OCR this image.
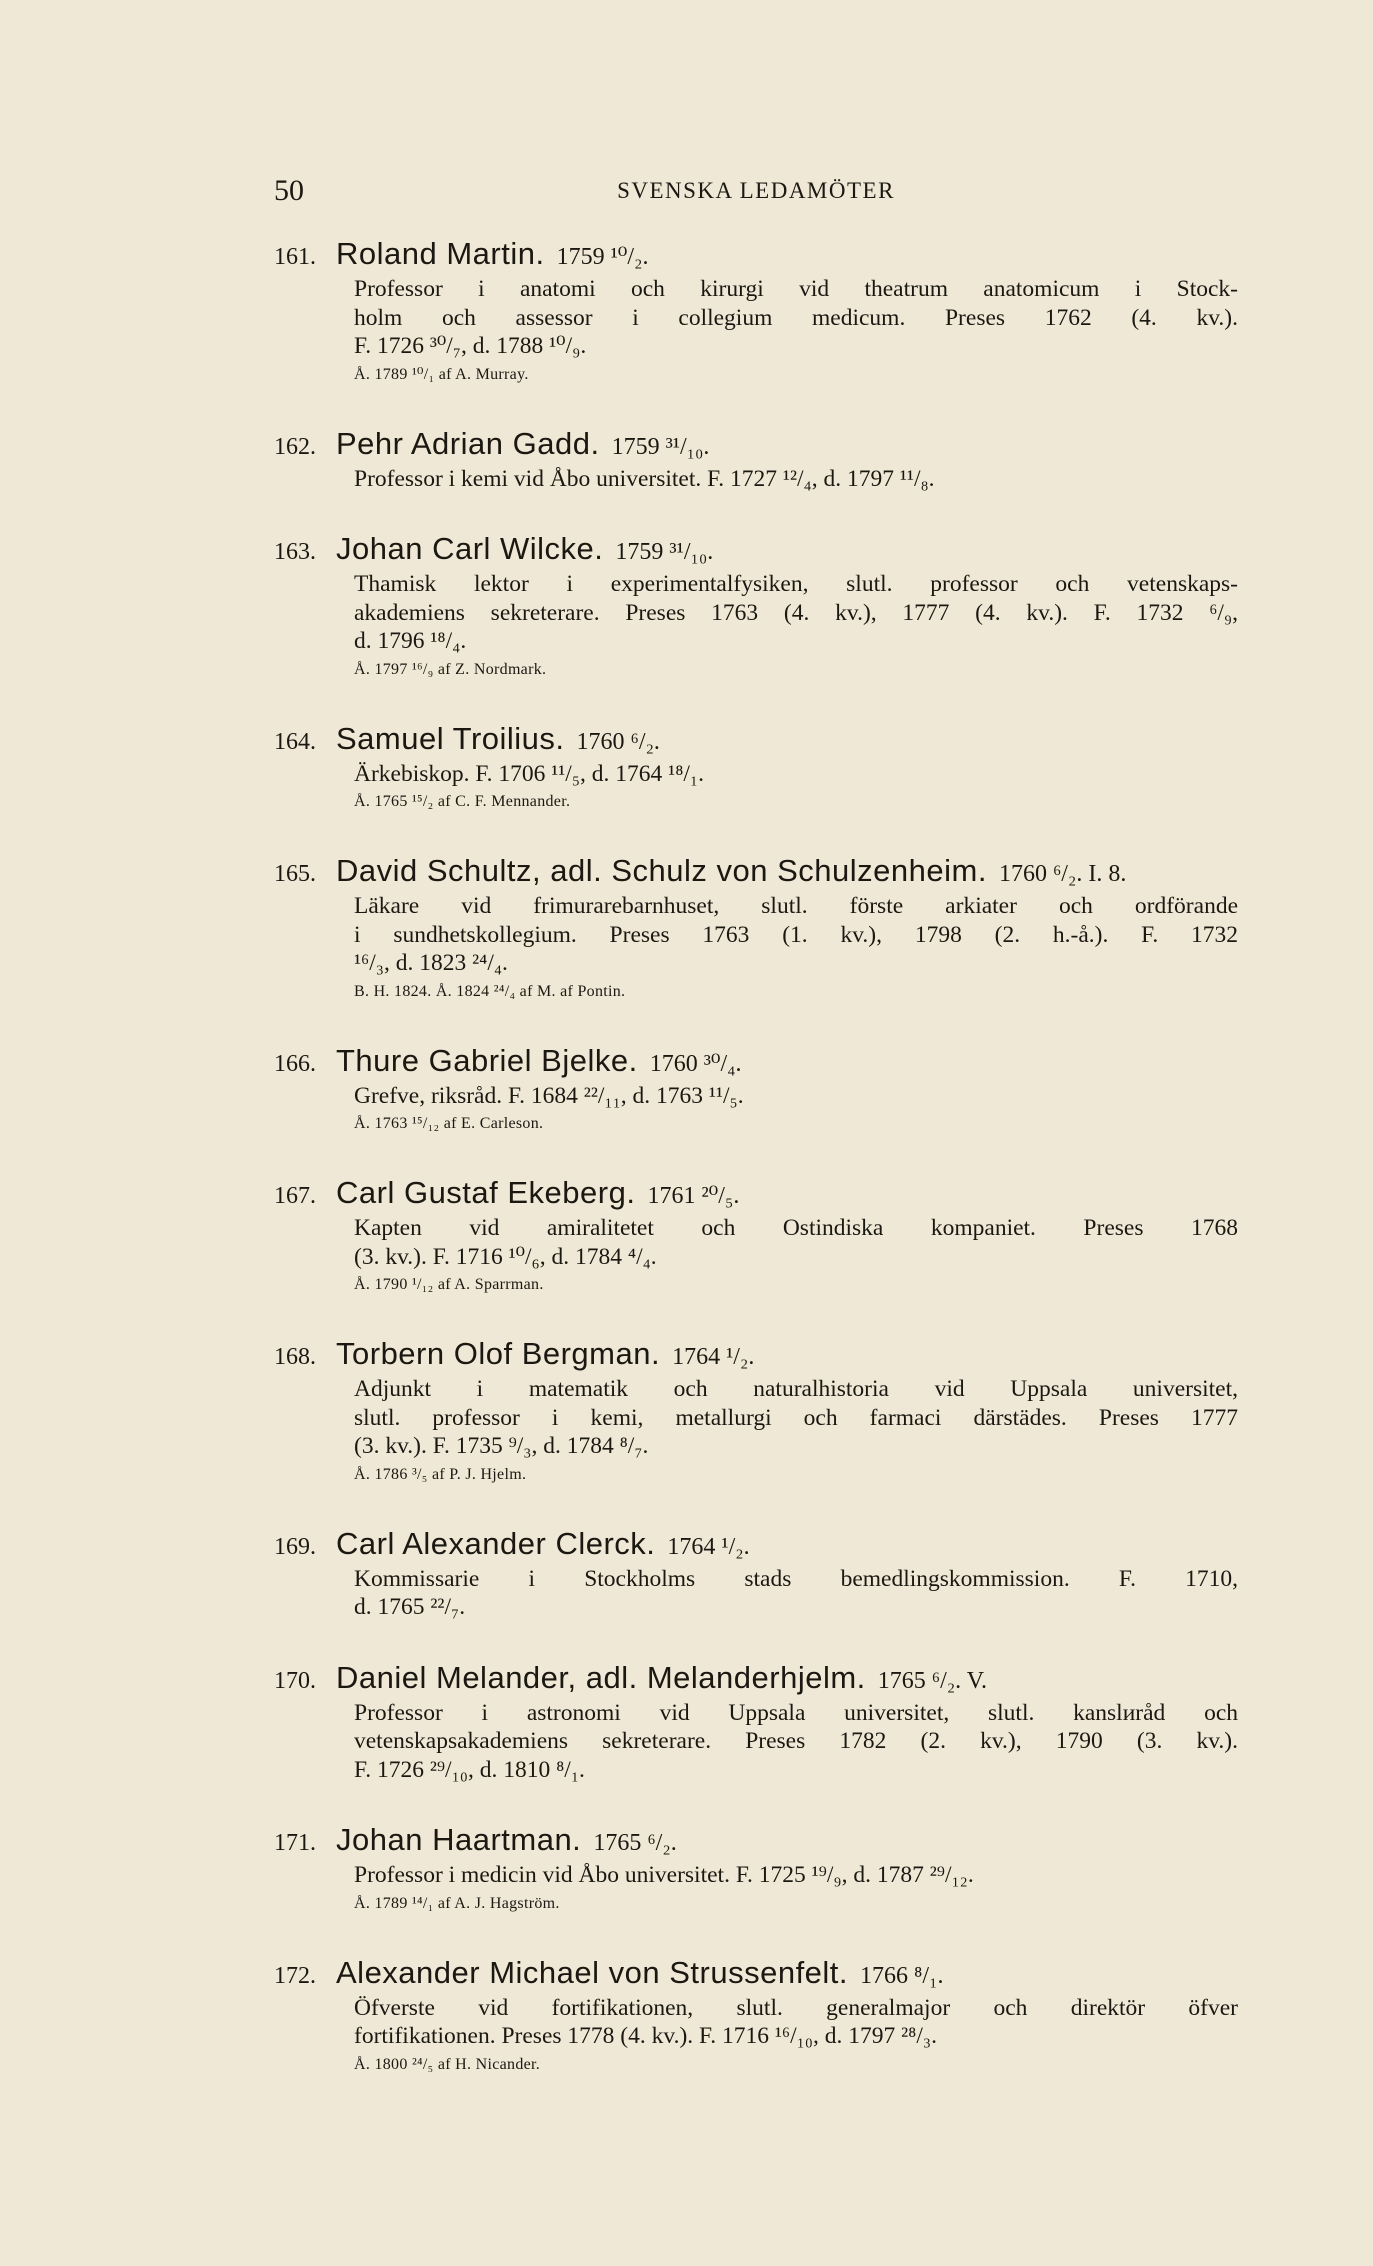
50	SVENSKA LEDAMÖTER
161. Roland Martin. 1759 ¹⁰/₂.
Professor i anatomi och kirurgi vid theatrum anatomicum i Stock-
holm och assessor i collegium medicum. Preses 1762 (4. kv.).
F. 1726 ³⁰/₇, d. 1788 ¹⁰/₉.
Å. 1789 ¹⁰/₁ af A. Murray.
162. Pehr Adrian Gadd. 1759 ³¹/₁₀.
Professor i kemi vid Åbo universitet. F. 1727 ¹²/₄, d. 1797 ¹¹/₈.
163. Johan Carl Wilcke. 1759 ³¹/₁₀.
Thamisk lektor i experimentalfysiken, slutl. professor och vetenskaps-
akademiens sekreterare. Preses 1763 (4. kv.), 1777 (4. kv.). F. 1732 ⁶/₉,
d. 1796 ¹⁸/₄.
Å. 1797 ¹⁶/₉ af Z. Nordmark.
164. Samuel Troilius. 1760 ⁶/₂.
Ärkebiskop. F. 1706 ¹¹/₅, d. 1764 ¹⁸/₁.
Å. 1765 ¹⁵/₂ af C. F. Mennander.
165. David Schultz, adl. Schulz von Schulzenheim. 1760 ⁶/₂. I. 8.
Läkare vid frimurarebarnhuset, slutl. förste arkiater och ordförande
i sundhetskollegium. Preses 1763 (1. kv.), 1798 (2. h.-å.). F. 1732
¹⁶/₃, d. 1823 ²⁴/₄.
B. H. 1824. Å. 1824 ²⁴/₄ af M. af Pontin.
166. Thure Gabriel Bjelke. 1760 ³⁰/₄.
Grefve, riksråd. F. 1684 ²²/₁₁, d. 1763 ¹¹/₅.
Å. 1763 ¹⁵/₁₂ af E. Carleson.
167. Carl Gustaf Ekeberg. 1761 ²⁰/₅.
Kapten vid amiralitetet och Ostindiska kompaniet. Preses 1768
(3. kv.). F. 1716 ¹⁰/₆, d. 1784 ⁴/₄.
Å. 1790 ¹/₁₂ af A. Sparrman.
168. Torbern Olof Bergman. 1764 ¹/₂.
Adjunkt i matematik och naturalhistoria vid Uppsala universitet,
slutl. professor i kemi, metallurgi och farmaci därstädes. Preses 1777
(3. kv.). F. 1735 ⁹/₃, d. 1784 ⁸/₇.
Å. 1786 ³/₅ af P. J. Hjelm.
169. Carl Alexander Clerck. 1764 ¹/₂.
Kommissarie i Stockholms stads bemedlingskommission. F. 1710,
d. 1765 ²²/₇.
170. Daniel Melander, adl. Melanderhjelm. 1765 ⁶/₂. V.
Professor i astronomi vid Uppsala universitet, slutl. kanslиråd och
vetenskapsakademiens sekreterare. Preses 1782 (2. kv.), 1790 (3. kv.).
F. 1726 ²⁹/₁₀, d. 1810 ⁸/₁.
171. Johan Haartman. 1765 ⁶/₂.
Professor i medicin vid Åbo universitet. F. 1725 ¹⁹/₉, d. 1787 ²⁹/₁₂.
Å. 1789 ¹⁴/₁ af A. J. Hagström.
172. Alexander Michael von Strussenfelt. 1766 ⁸/₁.
Öfverste vid fortifikationen, slutl. generalmajor och direktör öfver
fortifikationen. Preses 1778 (4. kv.). F. 1716 ¹⁶/₁₀, d. 1797 ²⁸/₃.
Å. 1800 ²⁴/₅ af H. Nicander.
